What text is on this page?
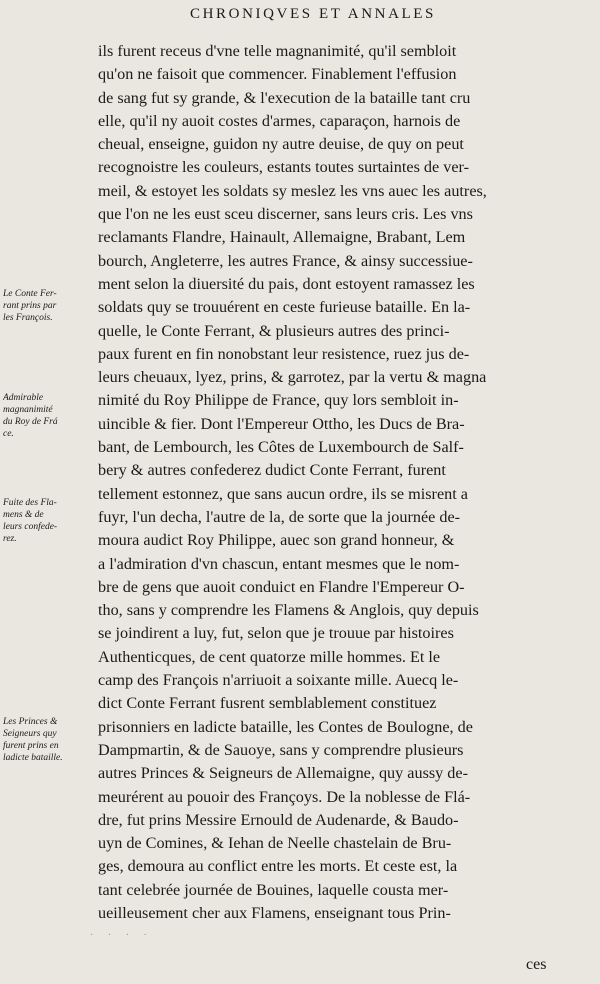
CHRONIQVES ET ANNALES
ils furent receus d'vne telle magnanimité, qu'il sembloit
qu'on ne faisoit que commencer. Finablement l'effusion
de sang fut sy grande, & l'execution de la bataille tant cru
elle, qu'il ny auoit costes d'armes, caparaçon, harnois de
cheual, enseigne, guidon ny autre deuise, de quy on peut
recognoistre les couleurs, estants toutes surtaintes de ver-
meil, & estoyet les soldats sy meslez les vns auec les autres,
que l'on ne les eust sceu discerner, sans leurs cris. Les vns
reclamants Flandre, Hainault, Allemaigne, Brabant, Lem
bourch, Angleterre, les autres France, & ainsy successiue-
ment selon la diuersité du pais, dont estoyent ramassez les
soldats quy se trouuérent en ceste furieuse bataille. En la-
quelle, le Conte Ferrant, & plusieurs autres des princi-
paux furent en fin nonobstant leur resistence, ruez jus de-
leurs cheuaux, lyez, prins, & garrotez, par la vertu & magna
nimité du Roy Philippe de France, quy lors sembloit in-
uincible & fier. Dont l'Empereur Ottho, les Ducs de Bra-
bant, de Lembourch, les Côtes de Luxembourch de Salf-
bery & autres confederez dudict Conte Ferrant, furent
tellement estonnez, que sans aucun ordre, ils se misrent a
fuyr, l'un decha, l'autre de la, de sorte que la journée de-
moura audict Roy Philippe, auec son grand honneur, &
a l'admiration d'vn chascun, entant mesmes que le nom-
bre de gens que auoit conduict en Flandre l'Empereur O-
tho, sans y comprendre les Flamens & Anglois, quy depuis
se joindirent a luy, fut, selon que je trouue par histoires
Authenticques, de cent quatorze mille hommes. Et le
camp des François n'arriuoit a soixante mille. Auecq le-
dict Conte Ferrant fusrent semblablement constituez
prisonniers en ladicte bataille, les Contes de Boulogne, de
Dampmartin, & de Sauoye, sans y comprendre plusieurs
autres Princes & Seigneurs de Allemaigne, quy aussy de-
meurérent au pouoir des Françoys. De la noblesse de Flá-
dre, fut prins Messire Ernould de Audenarde, & Baudo-
uyn de Comines, & Iehan de Neelle chastelain de Bru-
ges, demoura au conflict entre les morts. Et ceste est, la
tant celebrée journée de Bouines, laquelle cousta mer-
ueilleusement cher aux Flamens, enseignant tous Prin-
Le Conte Fer-
rant prins par
les François.
Admirable
magnanimité
du Roy de Frá
ce.
Fuite des Fla-
mens & de
leurs confede-
rez.
Les Princes &
Seigneurs quy
furent prins en
ladicte bataille.
· · · ·
ces
